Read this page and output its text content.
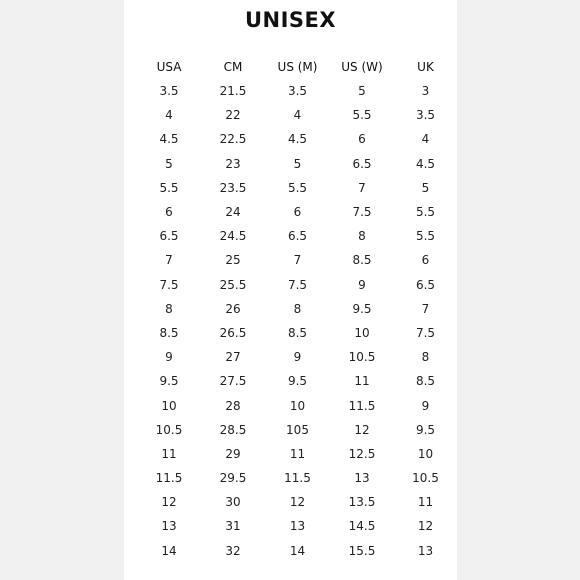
UNISEX
USA	CM	US (M)	US (W)	UK
3.5	21.5	3.5	5	3
4	22	4	5.5	3.5
4.5	22.5	4.5	6	4
5	23	5	6.5	4.5
5.5	23.5	5.5	7	5
6	24	6	7.5	5.5
6.5	24.5	6.5	8	5.5
7	25	7	8.5	6
7.5	25.5	7.5	9	6.5
8	26	8	9.5	7
8.5	26.5	8.5	10	7.5
9	27	9	10.5	8
9.5	27.5	9.5	11	8.5
10	28	10	11.5	9
10.5	28.5	105	12	9.5
11	29	11	12.5	10
11.5	29.5	11.5	13	10.5
12	30	12	13.5	11
13	31	13	14.5	12
14	32	14	15.5	13
